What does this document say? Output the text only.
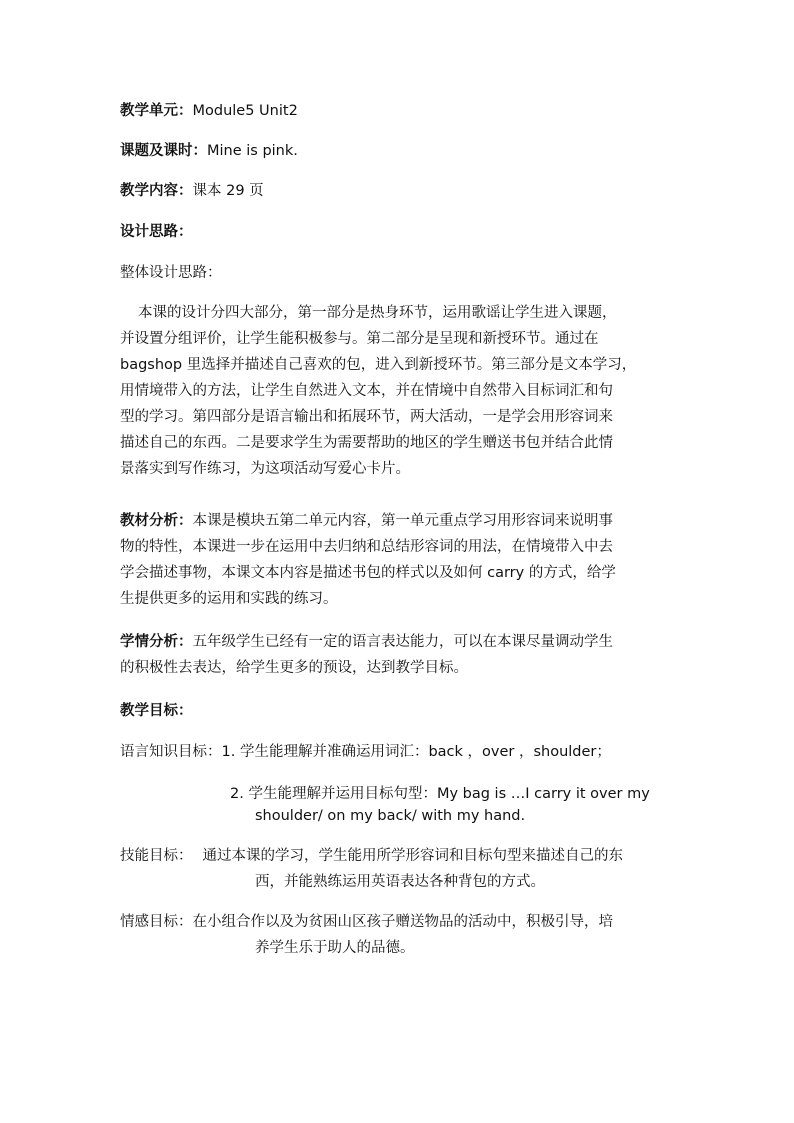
教学单元：Module5 Unit2
课题及课时：Mine is pink.
教学内容：课本 29 页
设计思路：
整体设计思路：
本课的设计分四大部分，第一部分是热身环节，运用歌谣让学生进入课题，
并设置分组评价，让学生能积极参与。第二部分是呈现和新授环节。通过在
bagshop 里选择并描述自己喜欢的包，进入到新授环节。第三部分是文本学习，
用情境带入的方法，让学生自然进入文本，并在情境中自然带入目标词汇和句
型的学习。第四部分是语言输出和拓展环节，两大活动，一是学会用形容词来
描述自己的东西。二是要求学生为需要帮助的地区的学生赠送书包并结合此情
景落实到写作练习，为这项活动写爱心卡片。
教材分析：本课是模块五第二单元内容，第一单元重点学习用形容词来说明事
物的特性，本课进一步在运用中去归纳和总结形容词的用法，在情境带入中去
学会描述事物，本课文本内容是描述书包的样式以及如何 carry 的方式，给学
生提供更多的运用和实践的练习。
学情分析：五年级学生已经有一定的语言表达能力，可以在本课尽量调动学生
的积极性去表达，给学生更多的预设，达到教学目标。
教学目标：
语言知识目标：1. 学生能理解并准确运用词汇：back ，over ，shoulder；
2. 学生能理解并运用目标句型：My bag is …I carry it over my
shoulder/ on my back/ with my hand.
技能目标： 通过本课的学习，学生能用所学形容词和目标句型来描述自己的东
西，并能熟练运用英语表达各种背包的方式。
情感目标：在小组合作以及为贫困山区孩子赠送物品的活动中，积极引导，培
养学生乐于助人的品德。
